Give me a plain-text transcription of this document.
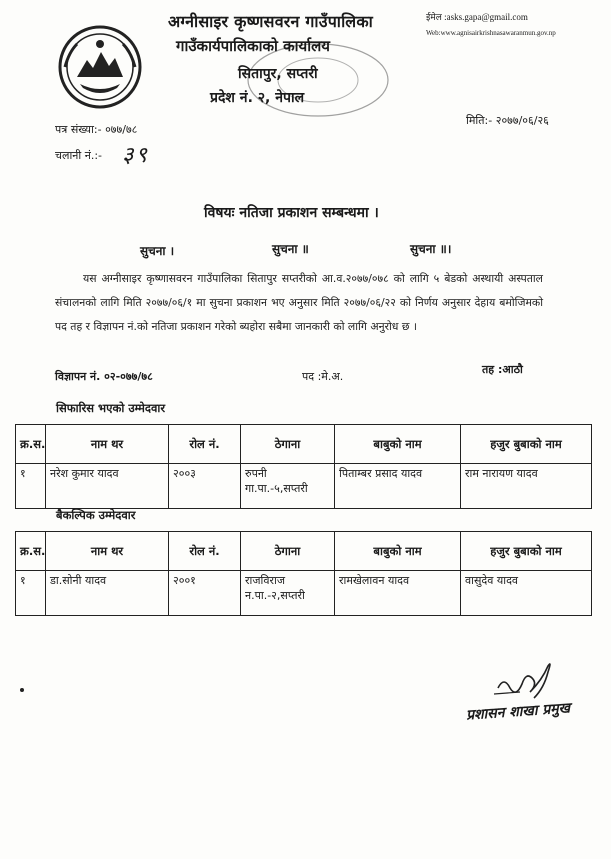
अग्नीसाइर कृष्णसवरन गाउँपालिका
गाउँकार्यपालिकाको कार्यालय
सितापुर, सप्तरी
प्रदेश नं. २, नेपाल
ईमेल :asks.gapa@gmail.com
Web:www.agnisairkrishnasawaranmun.gov.np
मिति:- २०७७/०६/२६
पत्र संख्या:- ०७७/७८
चलानी नं.:- ३९
विषयः नतिजा प्रकाशन सम्बन्धमा ।
सुचना ।	सुचना ॥	सुचना ॥।
यस अग्नीसाइर कृष्णासवरन गाउँपालिका सितापुर सप्तरीको आ.व.२०७७/०७८ को लागि ५ बेडको अस्थायी अस्पताल संचालनको लागि मिति २०७७/०६/१ मा सुचना प्रकाशन भए अनुसार मिति २०७७/०६/२२ को निर्णय अनुसार देहाय बमोजिमको पद तह र विज्ञापन नं.को नतिजा प्रकाशन गरेको ब्यहोरा सबैमा जानकारी को लागि अनुरोध छ ।
विज्ञापन नं. ०२-०७७/७८	पद :मे.अ.
तह :आठौ
सिफारिस भएको उम्मेदवार
क्र.स.	नाम थर	रोल नं.	ठेगाना	बाबुको नाम	हजुर बुबाको नाम
१	नरेश कुमार यादव	२००३	रुपनी गा.पा.-५,सप्तरी	पिताम्बर प्रसाद यादव	राम नारायण यादव
बैकल्पिक उम्मेदवार
क्र.स.	नाम थर	रोल नं.	ठेगाना	बाबुको नाम	हजुर बुबाको नाम
१	डा.सोनी यादव	२००१	राजविराज न.पा.-२,सप्तरी	रामखेलावन यादव	वासुदेव यादव
प्रशासन शाखा प्रमुख
